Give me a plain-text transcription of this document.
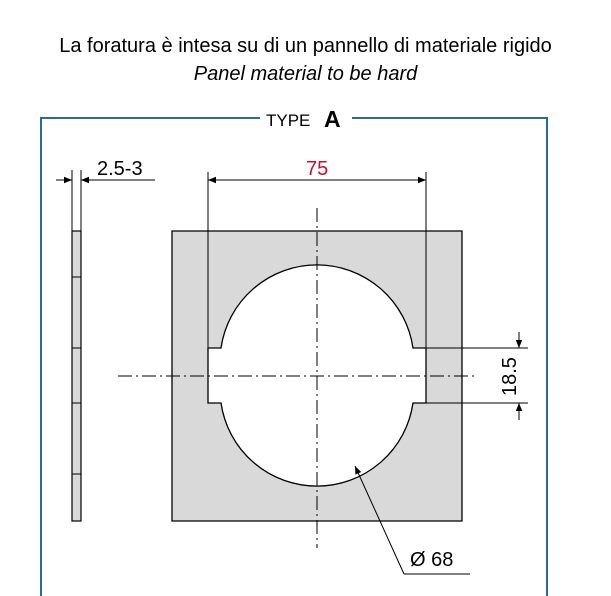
La foratura è intesa su di un pannello di materiale rigido
Panel material to be hard
TYPE A
2.5-3	75
18.5
Ø 68
